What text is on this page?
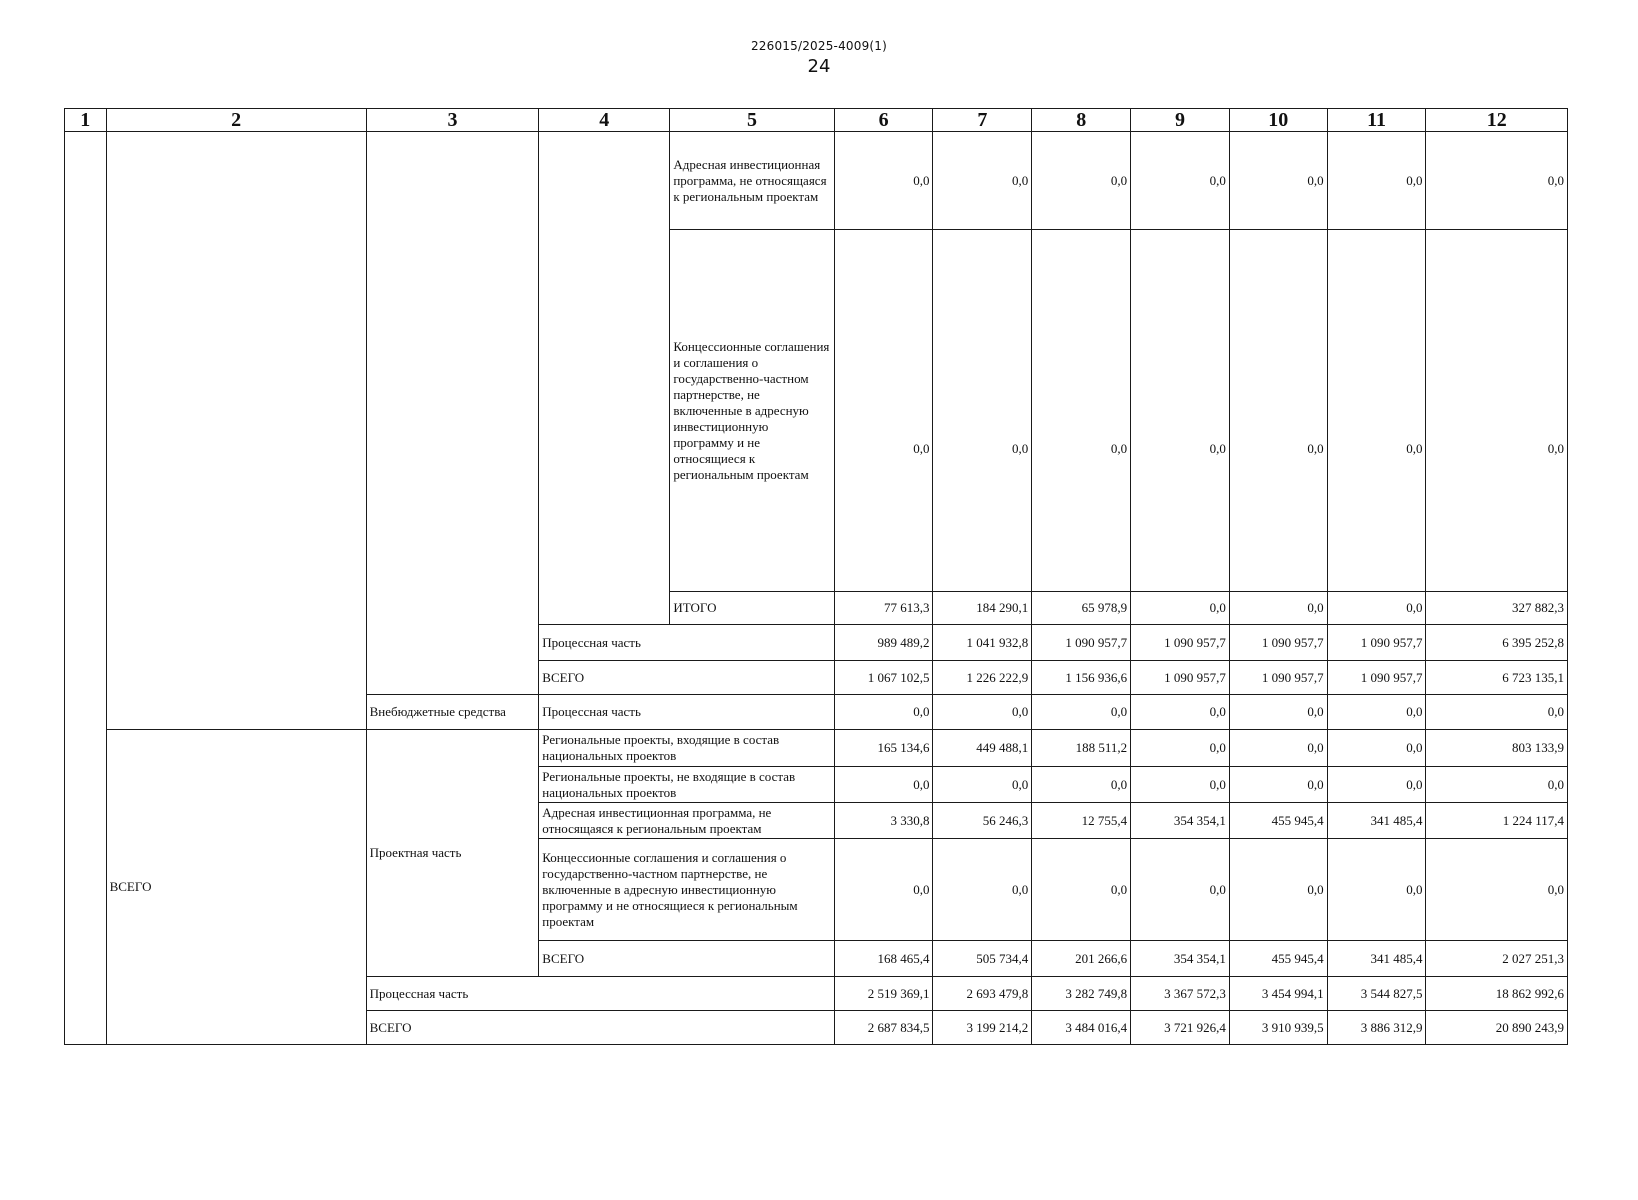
226015/2025-4009(1)
24
1	2	3	4	5	6	7	8	9	10	11	12
				Адресная инвестиционная программа, не относящаяся к региональным проектам	0,0	0,0	0,0	0,0	0,0	0,0	0,0
				Концессионные соглашения и соглашения о государственно-частном партнерстве, не включенные в адресную инвестиционную программу и не относящиеся к региональным проектам	0,0	0,0	0,0	0,0	0,0	0,0	0,0
				ИТОГО	77 613,3	184 290,1	65 978,9	0,0	0,0	0,0	327 882,3
			Процессная часть		989 489,2	1 041 932,8	1 090 957,7	1 090 957,7	1 090 957,7	1 090 957,7	6 395 252,8
			ВСЕГО		1 067 102,5	1 226 222,9	1 156 936,6	1 090 957,7	1 090 957,7	1 090 957,7	6 723 135,1
		Внебюджетные средства	Процессная часть		0,0	0,0	0,0	0,0	0,0	0,0	0,0
	ВСЕГО	Проектная часть	Региональные проекты, входящие в состав национальных проектов		165 134,6	449 488,1	188 511,2	0,0	0,0	0,0	803 133,9
			Региональные проекты, не входящие в состав национальных проектов		0,0	0,0	0,0	0,0	0,0	0,0	0,0
			Адресная инвестиционная программа, не относящаяся к региональным проектам		3 330,8	56 246,3	12 755,4	354 354,1	455 945,4	341 485,4	1 224 117,4
			Концессионные соглашения и соглашения о государственно-частном партнерстве, не включенные в адресную инвестиционную программу и не относящиеся к региональным проектам		0,0	0,0	0,0	0,0	0,0	0,0	0,0
			ВСЕГО		168 465,4	505 734,4	201 266,6	354 354,1	455 945,4	341 485,4	2 027 251,3
		Процессная часть			2 519 369,1	2 693 479,8	3 282 749,8	3 367 572,3	3 454 994,1	3 544 827,5	18 862 992,6
		ВСЕГО			2 687 834,5	3 199 214,2	3 484 016,4	3 721 926,4	3 910 939,5	3 886 312,9	20 890 243,9
